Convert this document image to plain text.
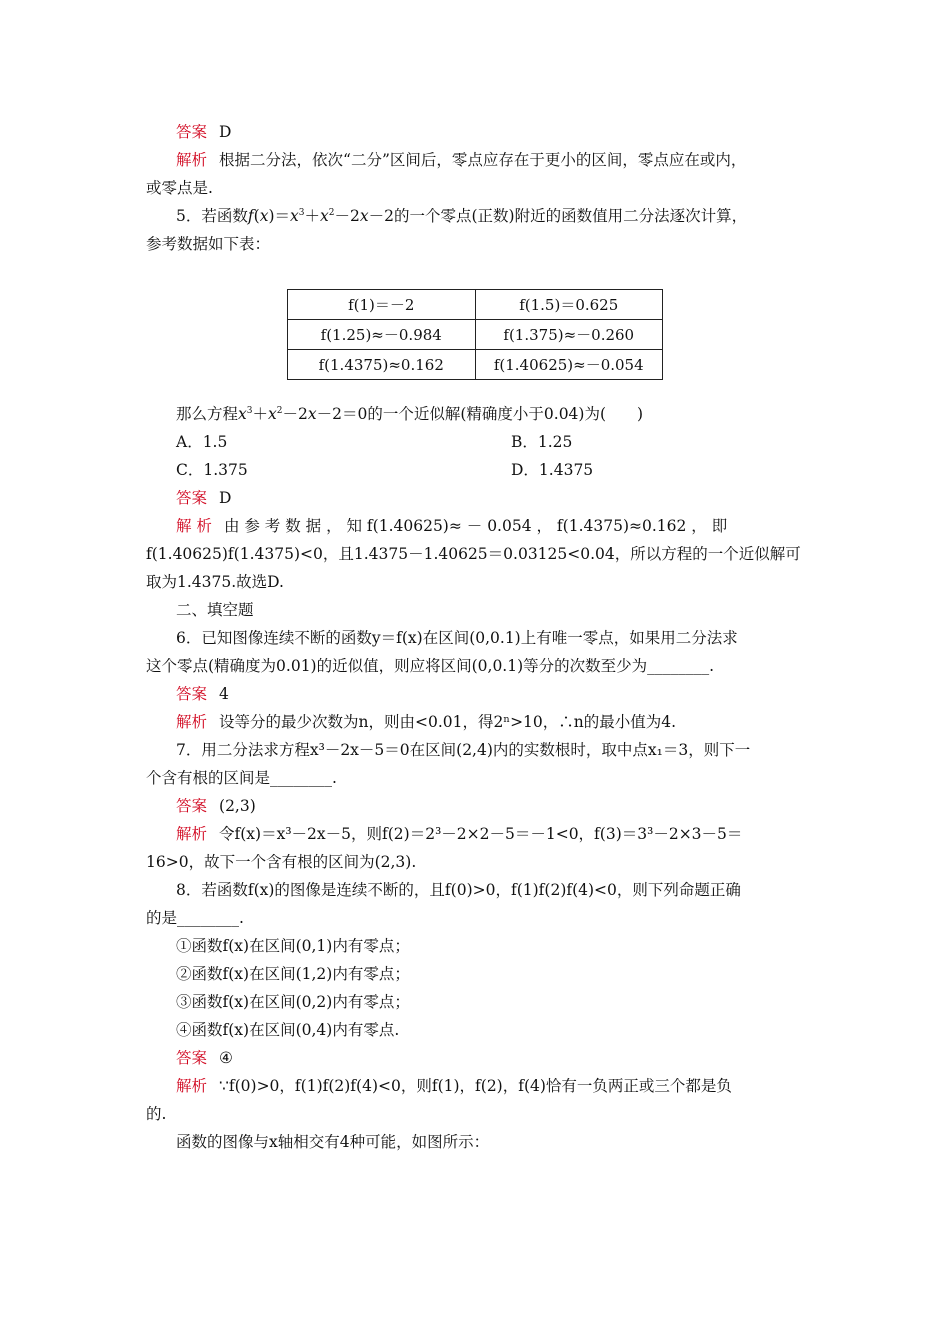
答案 D
解析 根据二分法，依次“二分”区间后，零点应存在于更小的区间，零点应在或内，
或零点是.
5．若函数$f(x)=x^3+x^2-2x-2$的一个零点(正数)附近的函数值用二分法逐次计算，
参考数据如下表：
f(1)＝－2	f(1.5)＝0.625
f(1.25)≈－0.984	f(1.375)≈－0.260
f(1.4375)≈0.162	f(1.40625)≈－0.054
那么方程$x^3+x^2-2x-2=0$的一个近似解(精确度小于0.04)为(　　)
A．1.5	B．1.25
C．1.375	D．1.4375
答案 D
解 析 由 参 考 数 据 ， 知 f(1.40625)≈ － 0.054 ， f(1.4375)≈0.162 ， 即
f(1.40625)f(1.4375)<0，且1.4375－1.40625＝0.03125<0.04，所以方程的一个近似解可
取为1.4375.故选D.
二、填空题
6．已知图像连续不断的函数y＝f(x)在区间(0,0.1)上有唯一零点，如果用二分法求
这个零点(精确度为0.01)的近似值，则应将区间(0,0.1)等分的次数至少为________.
答案 4
解析 设等分的最少次数为n，则由<0.01，得2ⁿ>10，∴n的最小值为4.
7．用二分法求方程x³－2x－5＝0在区间(2,4)内的实数根时，取中点x₁＝3，则下一
个含有根的区间是________.
答案 (2,3)
解析 令f(x)＝x³－2x－5，则f(2)＝2³－2×2－5＝－1<0，f(3)＝3³－2×3－5＝
16>0，故下一个含有根的区间为(2,3).
8．若函数f(x)的图像是连续不断的，且f(0)>0，f(1)f(2)f(4)<0，则下列命题正确
的是________.
①函数f(x)在区间(0,1)内有零点；
②函数f(x)在区间(1,2)内有零点；
③函数f(x)在区间(0,2)内有零点；
④函数f(x)在区间(0,4)内有零点.
答案 ④
解析 ∵f(0)>0，f(1)f(2)f(4)<0，则f(1)，f(2)，f(4)恰有一负两正或三个都是负
的.
函数的图像与x轴相交有4种可能，如图所示：
